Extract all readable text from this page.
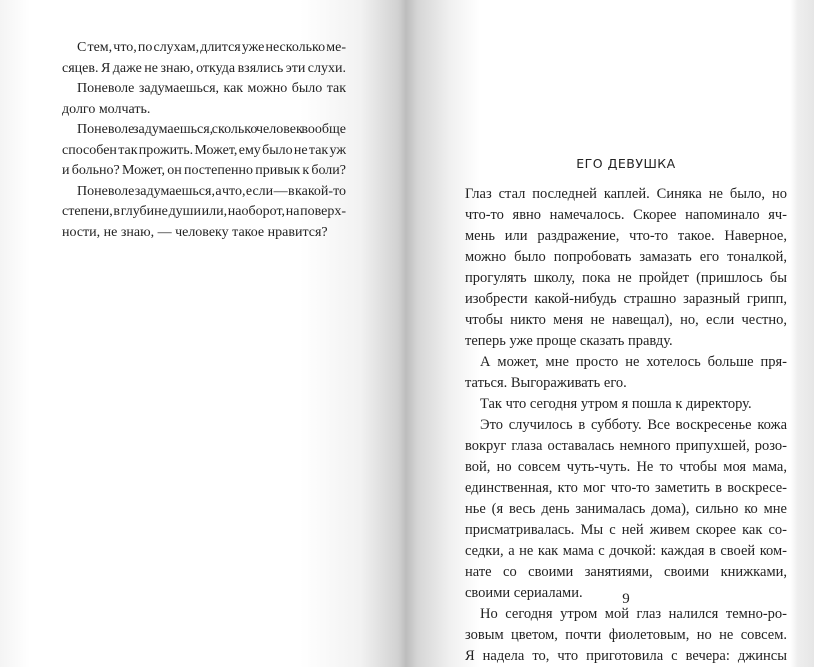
С тем, что, по слухам, длится уже несколько ме-
сяцев. Я даже не знаю, откуда взялись эти слухи.
Поневоле задумаешься, как можно было так
долго молчать.
Поневоле задумаешься, сколько человек вообще
способен так прожить. Может, ему было не так уж
и больно? Может, он постепенно привык к боли?
Поневоле задумаешься, а что, если — в какой-то
степени, в глубине души или, наоборот, на поверх-
ности, не знаю, — человеку такое нравится?
ЕГО ДЕВУШКА
Глаз стал последней каплей. Синяка не было, но
что-то явно намечалось. Скорее напоминало яч-
мень или раздражение, что-то такое. Наверное,
можно было попробовать замазать его тоналкой,
прогулять школу, пока не пройдет (пришлось бы
изобрести какой-нибудь страшно заразный грипп,
чтобы никто меня не навещал), но, если честно,
теперь уже проще сказать правду.
А может, мне просто не хотелось больше пря-
таться. Выгораживать его.
Так что сегодня утром я пошла к директору.
Это случилось в субботу. Все воскресенье кожа
вокруг глаза оставалась немного припухшей, розо-
вой, но совсем чуть-чуть. Не то чтобы моя мама,
единственная, кто мог что-то заметить в воскресе-
нье (я весь день занималась дома), сильно ко мне
присматривалась. Мы с ней живем скорее как со-
седки, а не как мама с дочкой: каждая в своей ком-
нате со своими занятиями, своими книжками,
своими сериалами.
Но сегодня утром мой глаз налился темно-ро-
зовым цветом, почти фиолетовым, но не совсем.
Я надела то, что приготовила с вечера: джинсы
9
